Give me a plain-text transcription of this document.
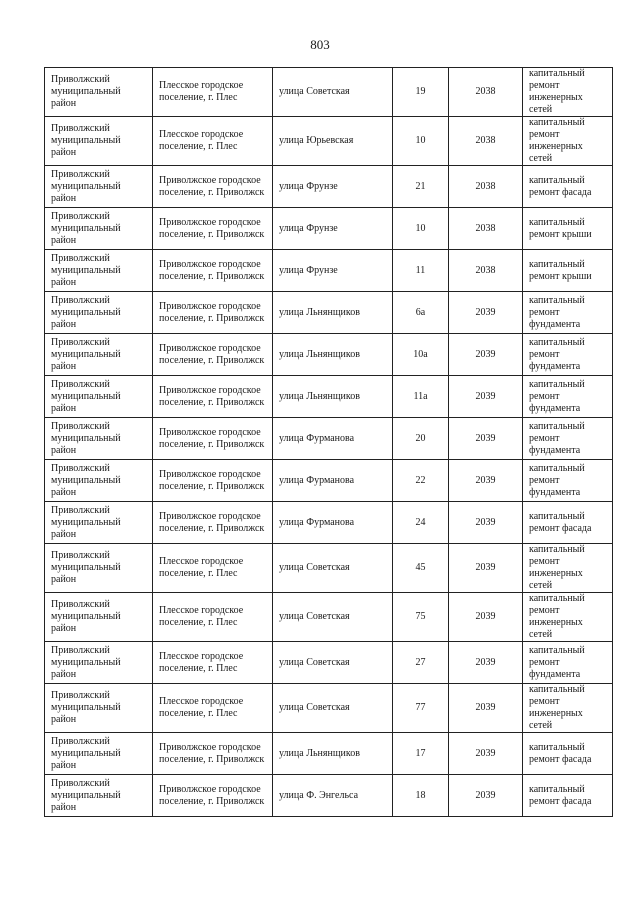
803
Приволжский муниципальный район	Плесское городское поселение, г. Плес	улица Советская	19	2038	капитальный ремонт инженерных сетей
Приволжский муниципальный район	Плесское городское поселение, г. Плес	улица Юрьевская	10	2038	капитальный ремонт инженерных сетей
Приволжский муниципальный район	Приволжское городское поселение, г. Приволжск	улица Фрунзе	21	2038	капитальный ремонт фасада
Приволжский муниципальный район	Приволжское городское поселение, г. Приволжск	улица Фрунзе	10	2038	капитальный ремонт крыши
Приволжский муниципальный район	Приволжское городское поселение, г. Приволжск	улица Фрунзе	11	2038	капитальный ремонт крыши
Приволжский муниципальный район	Приволжское городское поселение, г. Приволжск	улица Льнянщиков	6а	2039	капитальный ремонт фундамента
Приволжский муниципальный район	Приволжское городское поселение, г. Приволжск	улица Льнянщиков	10а	2039	капитальный ремонт фундамента
Приволжский муниципальный район	Приволжское городское поселение, г. Приволжск	улица Льнянщиков	11а	2039	капитальный ремонт фундамента
Приволжский муниципальный район	Приволжское городское поселение, г. Приволжск	улица Фурманова	20	2039	капитальный ремонт фундамента
Приволжский муниципальный район	Приволжское городское поселение, г. Приволжск	улица Фурманова	22	2039	капитальный ремонт фундамента
Приволжский муниципальный район	Приволжское городское поселение, г. Приволжск	улица Фурманова	24	2039	капитальный ремонт фасада
Приволжский муниципальный район	Плесское городское поселение, г. Плес	улица Советская	45	2039	капитальный ремонт инженерных сетей
Приволжский муниципальный район	Плесское городское поселение, г. Плес	улица Советская	75	2039	капитальный ремонт инженерных сетей
Приволжский муниципальный район	Плесское городское поселение, г. Плес	улица Советская	27	2039	капитальный ремонт фундамента
Приволжский муниципальный район	Плесское городское поселение, г. Плес	улица Советская	77	2039	капитальный ремонт инженерных сетей
Приволжский муниципальный район	Приволжское городское поселение, г. Приволжск	улица Льнянщиков	17	2039	капитальный ремонт фасада
Приволжский муниципальный район	Приволжское городское поселение, г. Приволжск	улица Ф. Энгельса	18	2039	капитальный ремонт фасада
